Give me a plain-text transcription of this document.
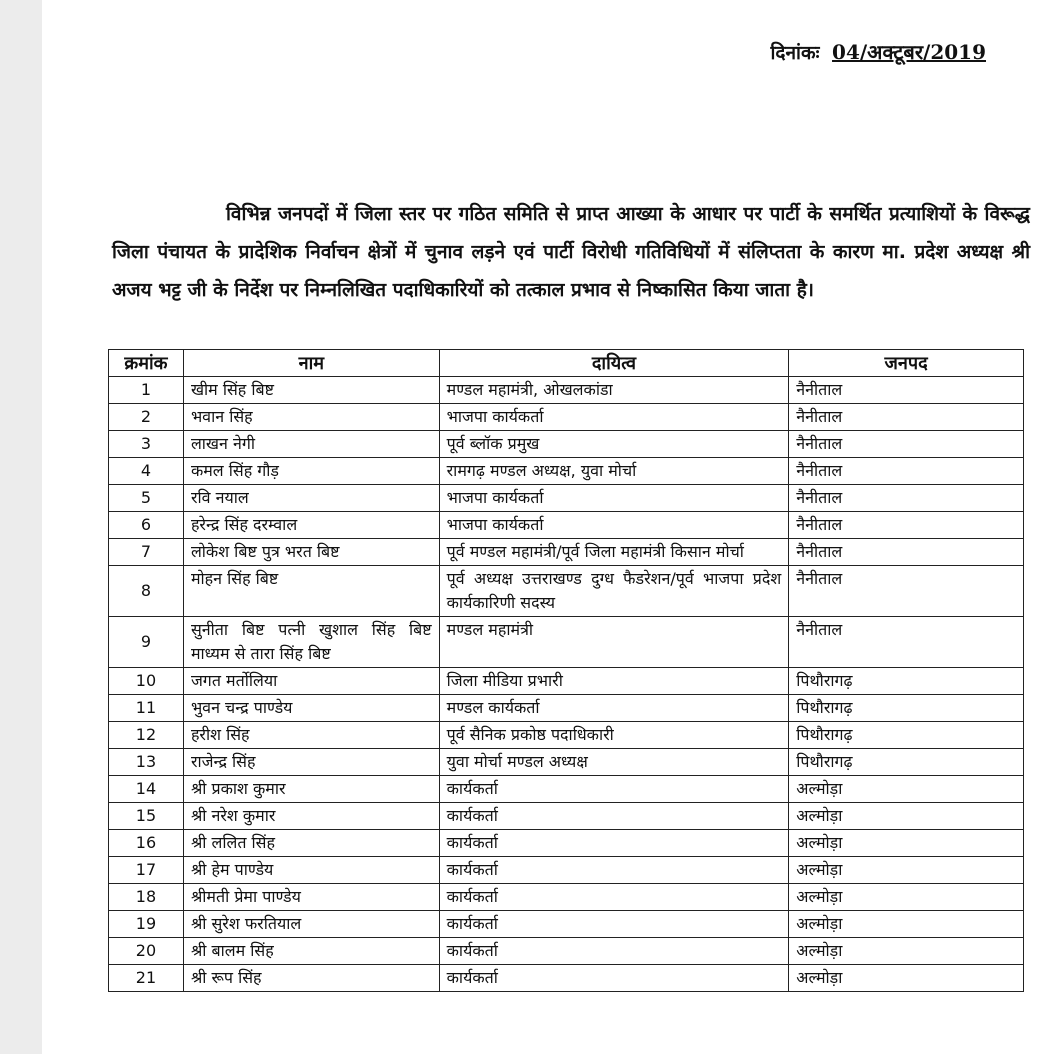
दिनांकः 04/अक्टूबर/2019

विभिन्न जनपदों में जिला स्तर पर गठित समिति से प्राप्त आख्या के आधार पर पार्टी के समर्थित प्रत्याशियों के विरूद्ध जिला पंचायत के प्रादेशिक निर्वाचन क्षेत्रों में चुनाव लड़ने एवं पार्टी विरोधी गतिविधियों में संलिप्तता के कारण मा. प्रदेश अध्यक्ष श्री अजय भट्ट जी के निर्देश पर निम्नलिखित पदाधिकारियों को तत्काल प्रभाव से निष्कासित किया जाता है।

क्रमांक	नाम	दायित्व	जनपद
1	खीम सिंह बिष्ट	मण्डल महामंत्री, ओखलकांडा	नैनीताल
2	भवान सिंह	भाजपा कार्यकर्ता	नैनीताल
3	लाखन नेगी	पूर्व ब्लॉक प्रमुख	नैनीताल
4	कमल सिंह गौड़	रामगढ़ मण्डल अध्यक्ष, युवा मोर्चा	नैनीताल
5	रवि नयाल	भाजपा कार्यकर्ता	नैनीताल
6	हरेन्द्र सिंह दरम्वाल	भाजपा कार्यकर्ता	नैनीताल
7	लोकेश बिष्ट पुत्र भरत बिष्ट	पूर्व मण्डल महामंत्री/पूर्व जिला महामंत्री किसान मोर्चा	नैनीताल
8	मोहन सिंह बिष्ट	पूर्व अध्यक्ष उत्तराखण्ड दुग्ध फैडरेशन/पूर्व भाजपा प्रदेश कार्यकारिणी सदस्य	नैनीताल
9	सुनीता बिष्ट पत्नी खुशाल सिंह बिष्ट माध्यम से तारा सिंह बिष्ट	मण्डल महामंत्री	नैनीताल
10	जगत मर्तोलिया	जिला मीडिया प्रभारी	पिथौरागढ़
11	भुवन चन्द्र पाण्डेय	मण्डल कार्यकर्ता	पिथौरागढ़
12	हरीश सिंह	पूर्व सैनिक प्रकोष्ठ पदाधिकारी	पिथौरागढ़
13	राजेन्द्र सिंह	युवा मोर्चा मण्डल अध्यक्ष	पिथौरागढ़
14	श्री प्रकाश कुमार	कार्यकर्ता	अल्मोड़ा
15	श्री नरेश कुमार	कार्यकर्ता	अल्मोड़ा
16	श्री ललित सिंह	कार्यकर्ता	अल्मोड़ा
17	श्री हेम पाण्डेय	कार्यकर्ता	अल्मोड़ा
18	श्रीमती प्रेमा पाण्डेय	कार्यकर्ता	अल्मोड़ा
19	श्री सुरेश फरतियाल	कार्यकर्ता	अल्मोड़ा
20	श्री बालम सिंह	कार्यकर्ता	अल्मोड़ा
21	श्री रूप सिंह	कार्यकर्ता	अल्मोड़ा
